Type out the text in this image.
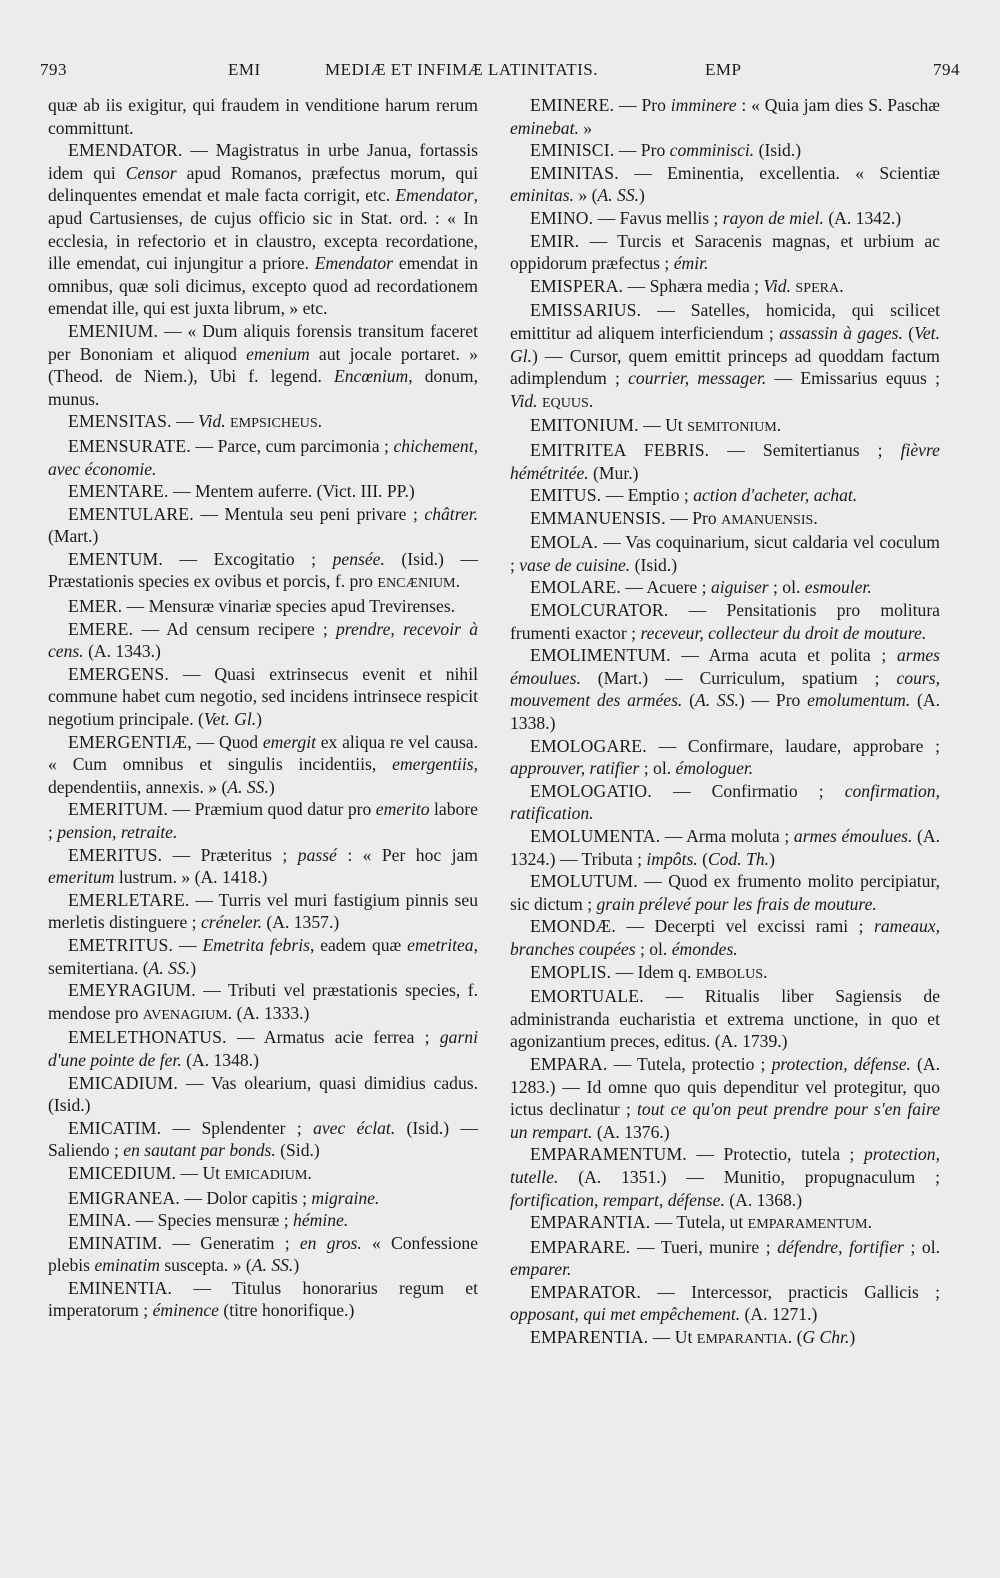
793	EMI	MEDIÆ ET INFIMÆ LATINITATIS.	EMP	794

quæ ab iis exigitur, qui fraudem in venditione harum rerum committunt.

EMENDATOR. — Magistratus in urbe Janua, fortassis idem qui Censor apud Romanos, præfectus morum, qui delinquentes emendat et male facta corrigit, etc. Emendator, apud Cartusienses, de cujus officio sic in Stat. ord. : « In ecclesia, in refectorio et in claustro, excepta recordatione, ille emendat, cui injungitur a priore. Emendator emendat in omnibus, quæ soli dicimus, excepto quod ad recordationem emendat ille, qui est juxta librum, » etc.

EMENIUM. — « Dum aliquis forensis transitum faceret per Bononiam et aliquod emenium aut jocale portaret. » (Theod. de Niem.), Ubi f. legend. Encœnium, donum, munus.

EMENSITAS. — Vid. EMPSICHEUS.

EMENSURATE. — Parce, cum parcimonia ; chichement, avec économie.

EMENTARE. — Mentem auferre. (Vict. III. PP.)

EMENTULARE. — Mentula seu peni privare ; châtrer. (Mart.)

EMENTUM. — Excogitatio ; pensée. (Isid.) — Præstationis species ex ovibus et porcis, f. pro ENCÆNIUM.

EMER. — Mensuræ vinariæ species apud Trevirenses.

EMERE. — Ad censum recipere ; prendre, recevoir à cens. (A. 1343.)

EMERGENS. — Quasi extrinsecus evenit et nihil commune habet cum negotio, sed incidens intrinsece respicit negotium principale. (Vet. Gl.)

EMERGENTIÆ, — Quod emergit ex aliqua re vel causa. « Cum omnibus et singulis incidentiis, emergentiis, dependentiis, annexis. » (A. SS.)

EMERITUM. — Præmium quod datur pro emerito labore ; pension, retraite.

EMERITUS. — Præteritus ; passé : « Per hoc jam emeritum lustrum. » (A. 1418.)

EMERLETARE. — Turris vel muri fastigium pinnis seu merletis distinguere ; créneler. (A. 1357.)

EMETRITUS. — Emetrita febris, eadem quæ emetritea, semitertiana. (A. SS.)

EMEYRAGIUM. — Tributi vel præstationis species, f. mendose pro AVENAGIUM. (A. 1333.)

EMELETHONATUS. — Armatus acie ferrea ; garni d'une pointe de fer. (A. 1348.)

EMICADIUM. — Vas olearium, quasi dimidius cadus. (Isid.)

EMICATIM. — Splendenter ; avec éclat. (Isid.) — Saliendo ; en sautant par bonds. (Sid.)

EMICEDIUM. — Ut EMICADIUM.

EMIGRANEA. — Dolor capitis ; migraine.

EMINA. — Species mensuræ ; hémine.

EMINATIM. — Generatim ; en gros. « Confessione plebis eminatim suscepta. » (A. SS.)

EMINENTIA. — Titulus honorarius regum et imperatorum ; éminence (titre honorifique.)

EMINERE. — Pro imminere : « Quia jam dies S. Paschæ eminebat. »

EMINISCI. — Pro comminisci. (Isid.)

EMINITAS. — Eminentia, excellentia. « Scientiæ eminitas. » (A. SS.)

EMINO. — Favus mellis ; rayon de miel. (A. 1342.)

EMIR. — Turcis et Saracenis magnas, et urbium ac oppidorum præfectus ; émir.

EMISPERA. — Sphæra media ; Vid. SPERA.

EMISSARIUS. — Satelles, homicida, qui scilicet emittitur ad aliquem interficiendum ; assassin à gages. (Vet. Gl.) — Cursor, quem emittit princeps ad quoddam factum adimplendum ; courrier, messager. — Emissarius equus ; Vid. EQUUS.

EMITONIUM. — Ut SEMITONIUM.

EMITRITEA FEBRIS. — Semitertianus ; fièvre hémétritée. (Mur.)

EMITUS. — Emptio ; action d'acheter, achat.

EMMANUENSIS. — Pro AMANUENSIS.

EMOLA. — Vas coquinarium, sicut caldaria vel coculum ; vase de cuisine. (Isid.)

EMOLARE. — Acuere ; aiguiser ; ol. esmouler.

EMOLCURATOR. — Pensitationis pro molitura frumenti exactor ; receveur, collecteur du droit de mouture.

EMOLIMENTUM. — Arma acuta et polita ; armes émoulues. (Mart.) — Curriculum, spatium ; cours, mouvement des armées. (A. SS.) — Pro emolumentum. (A. 1338.)

EMOLOGARE. — Confirmare, laudare, approbare ; approuver, ratifier ; ol. émologuer.

EMOLOGATIO. — Confirmatio ; confirmation, ratification.

EMOLUMENTA. — Arma moluta ; armes émoulues. (A. 1324.) — Tributa ; impôts. (Cod. Th.)

EMOLUTUM. — Quod ex frumento molito percipiatur, sic dictum ; grain prélevé pour les frais de mouture.

EMONDÆ. — Decerpti vel excissi rami ; rameaux, branches coupées ; ol. émondes.

EMOPLIS. — Idem q. EMBOLUS.

EMORTUALE. — Ritualis liber Sagiensis de administranda eucharistia et extrema unctione, in quo et agonizantium preces, editus. (A. 1739.)

EMPARA. — Tutela, protectio ; protection, défense. (A. 1283.) — Id omne quo quis dependitur vel protegitur, quo ictus declinatur ; tout ce qu'on peut prendre pour s'en faire un rempart. (A. 1376.)

EMPARAMENTUM. — Protectio, tutela ; protection, tutelle. (A. 1351.) — Munitio, propugnaculum ; fortification, rempart, défense. (A. 1368.)

EMPARANTIA. — Tutela, ut EMPARAMENTUM.

EMPARARE. — Tueri, munire ; défendre, fortifier ; ol. emparer.

EMPARATOR. — Intercessor, practicis Gallicis ; opposant, qui met empêchement. (A. 1271.)

EMPARENTIA. — Ut EMPARANTIA. (G Chr.)
